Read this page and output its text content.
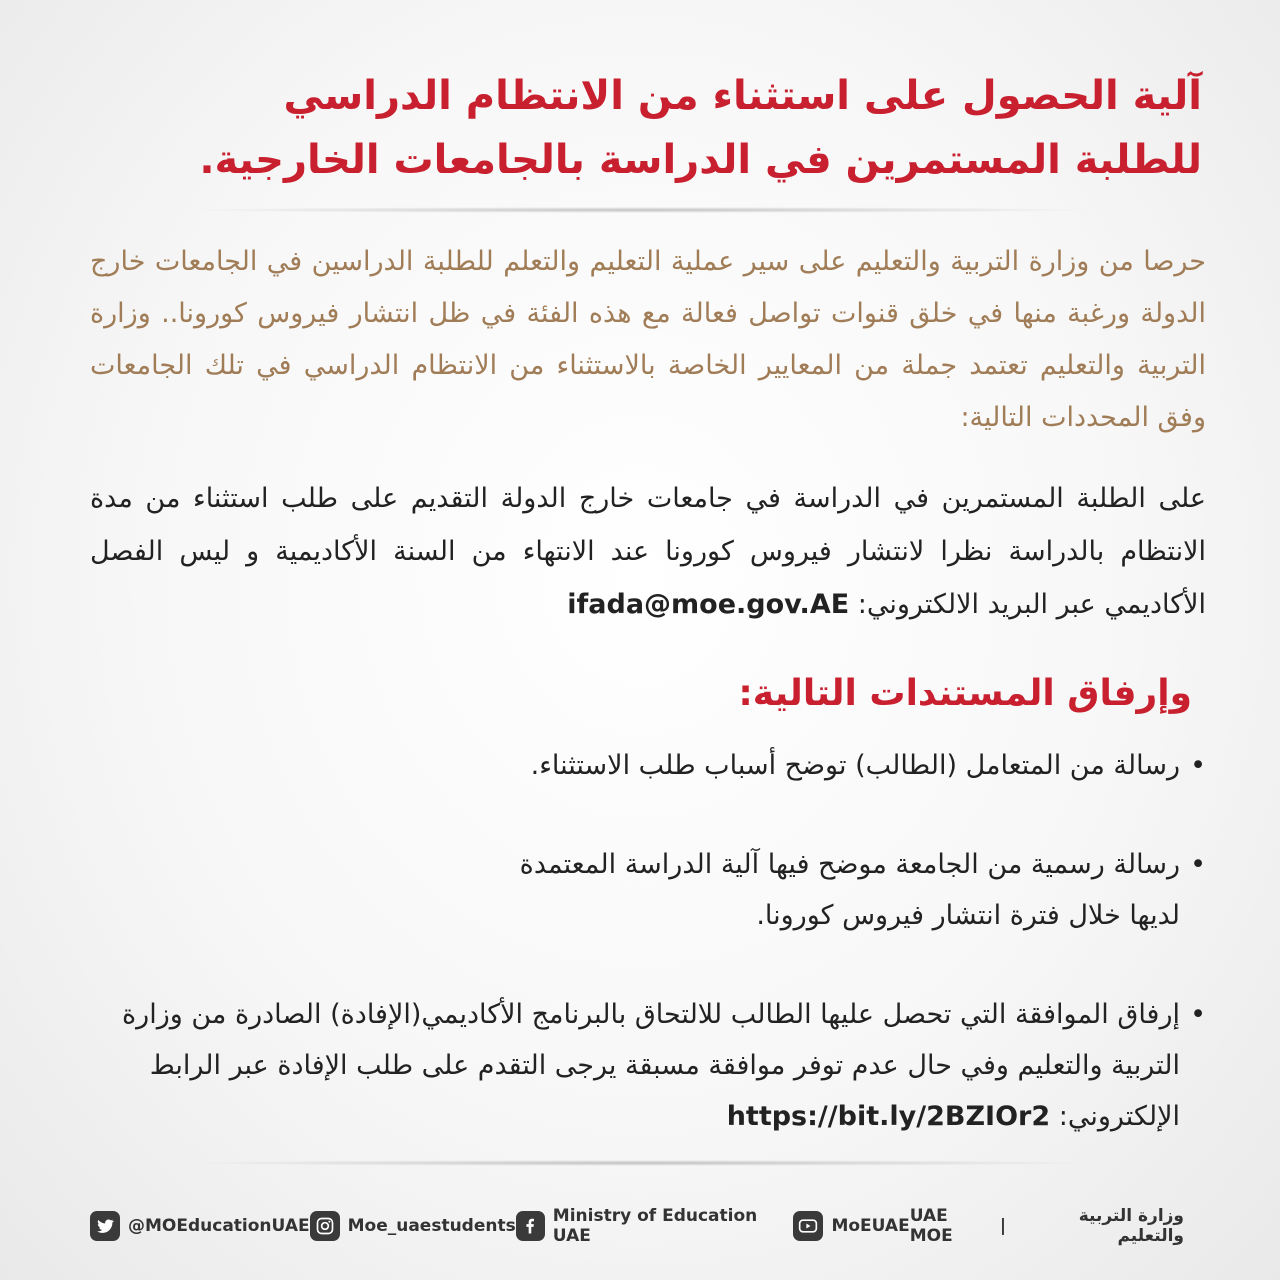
آلية الحصول على استثناء من الانتظام الدراسي
للطلبة المستمرين في الدراسة بالجامعات الخارجية.

حرصا من وزارة التربية والتعليم على سير عملية التعليم والتعلم للطلبة الدراسين في الجامعات خارج الدولة ورغبة منها في خلق قنوات تواصل فعالة مع هذه الفئة في ظل انتشار فيروس كورونا.. وزارة التربية والتعليم تعتمد جملة من المعايير الخاصة بالاستثناء من الانتظام الدراسي في تلك الجامعات وفق المحددات التالية:

على الطلبة المستمرين في الدراسة في جامعات خارج الدولة التقديم على طلب استثناء من مدة الانتظام بالدراسة نظرا لانتشار فيروس كورونا عند الانتهاء من السنة الأكاديمية و ليس الفصل الأكاديمي عبر البريد الالكتروني: ifada@moe.gov.AE

وإرفاق المستندات التالية:
•
رسالة من المتعامل (الطالب) توضح أسباب طلب الاستثناء.
•
رسالة رسمية من الجامعة موضح فيها آلية الدراسة المعتمدة
لديها خلال فترة انتشار فيروس كورونا.
•
إرفاق الموافقة التي تحصل عليها الطالب للالتحاق بالبرنامج الأكاديمي(الإفادة) الصادرة من وزارة التربية والتعليم وفي حال عدم توفر موافقة مسبقة يرجى التقدم على طلب الإفادة عبر الرابط الإلكتروني: https://bit.ly/2BZIOr2
@MOEducationUAE Moe_uaestudents Ministry of Education UAE	MoEUAE UAE MOE	|	وزارة التربية والتعليم
